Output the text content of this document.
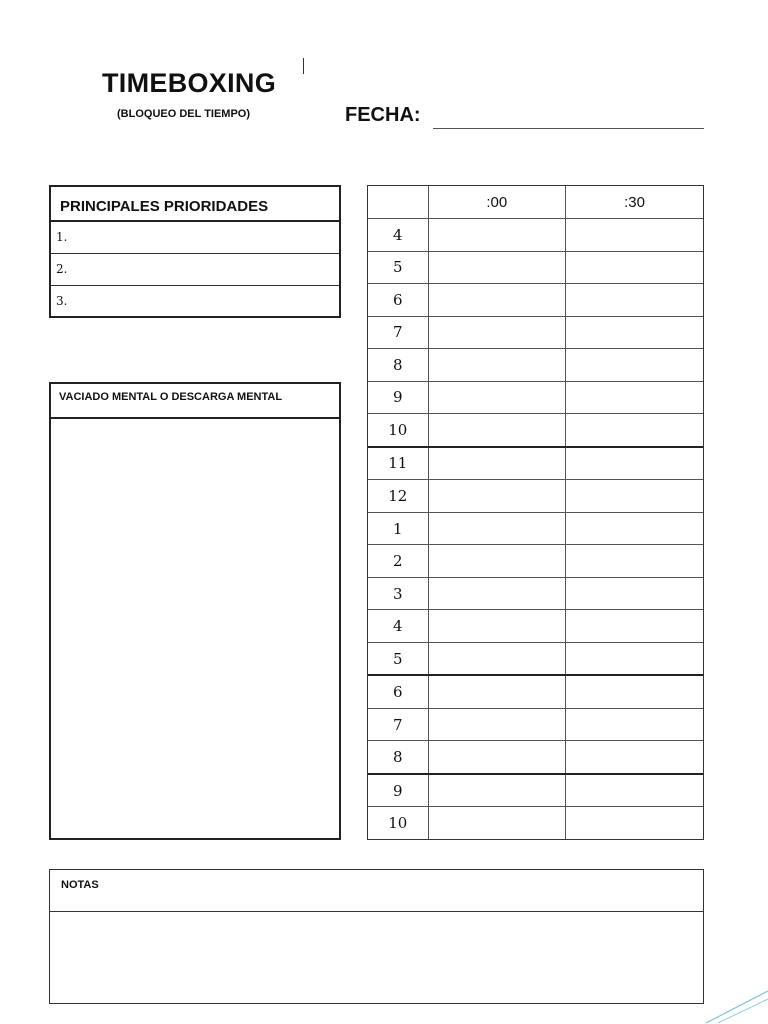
TIMEBOXING
(BLOQUEO DEL TIEMPO)	FECHA:
PRINCIPALES PRIORIDADES
1.
2.
3.
VACIADO MENTAL O DESCARGA MENTAL
	:00	:30
4		
5		
6		
7		
8		
9		
10		
11		
12		
1		
2		
3		
4		
5		
6		
7		
8		
9		
10		
NOTAS
